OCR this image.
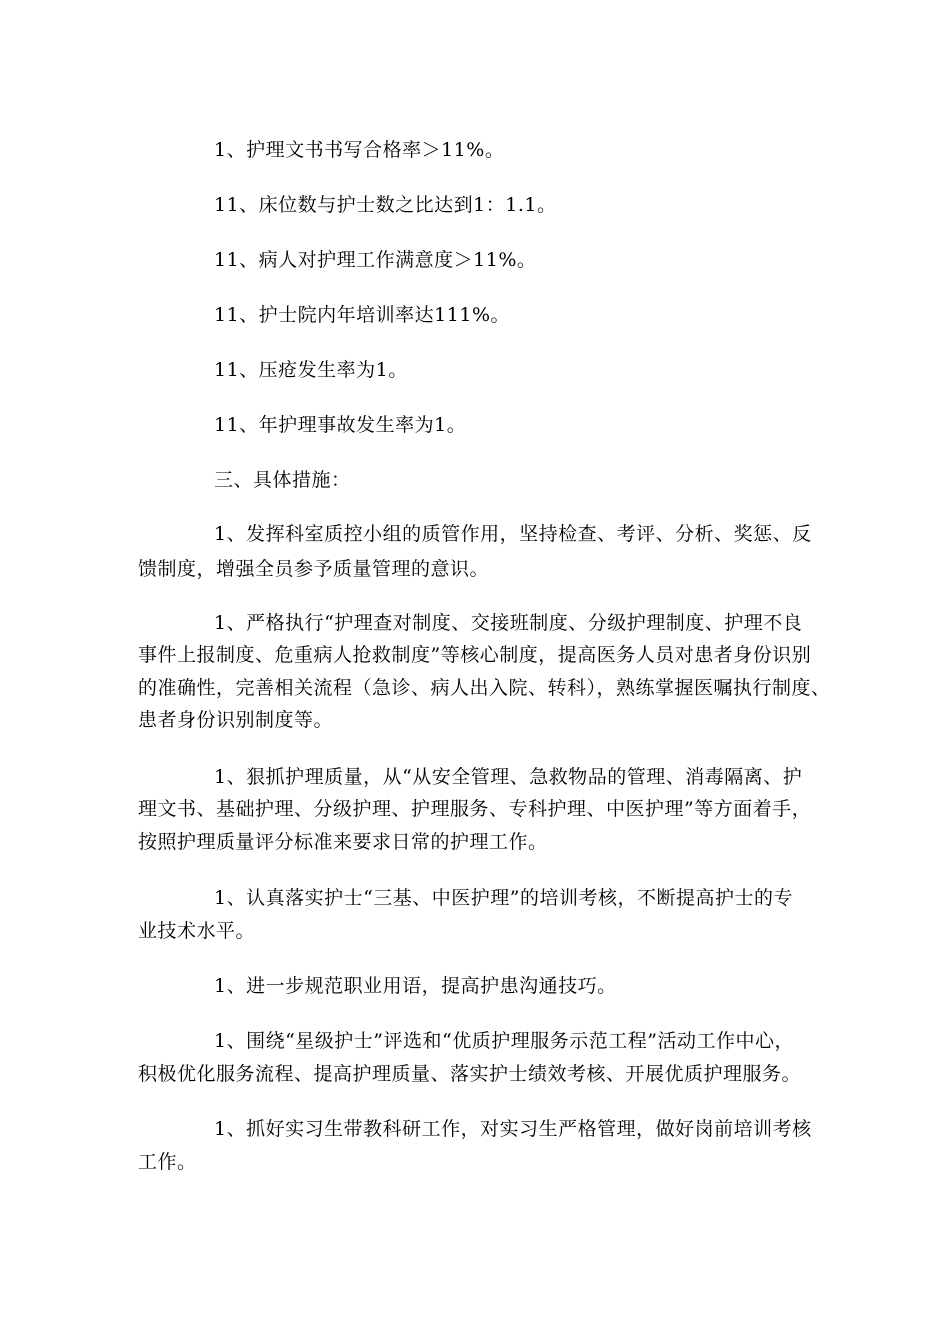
1、护理文书书写合格率＞11%。
11、床位数与护士数之比达到1：1.1。
11、病人对护理工作满意度＞11%。
11、护士院内年培训率达111%。
11、压疮发生率为1。
11、年护理事故发生率为1。
三、具体措施：
1、发挥科室质控小组的质管作用，坚持检查、考评、分析、奖惩、反
馈制度，增强全员参予质量管理的意识。
1、严格执行“护理查对制度、交接班制度、分级护理制度、护理不良
事件上报制度、危重病人抢救制度”等核心制度，提高医务人员对患者身份识别
的准确性，完善相关流程（急诊、病人出入院、转科），熟练掌握医嘱执行制度、
患者身份识别制度等。
1、狠抓护理质量，从“从安全管理、急救物品的管理、消毒隔离、护
理文书、基础护理、分级护理、护理服务、专科护理、中医护理”等方面着手，
按照护理质量评分标准来要求日常的护理工作。
1、认真落实护士“三基、中医护理”的培训考核，不断提高护士的专
业技术水平。
1、进一步规范职业用语，提高护患沟通技巧。
1、围绕“星级护士”评选和“优质护理服务示范工程”活动工作中心，
积极优化服务流程、提高护理质量、落实护士绩效考核、开展优质护理服务。
1、抓好实习生带教科研工作，对实习生严格管理，做好岗前培训考核
工作。
